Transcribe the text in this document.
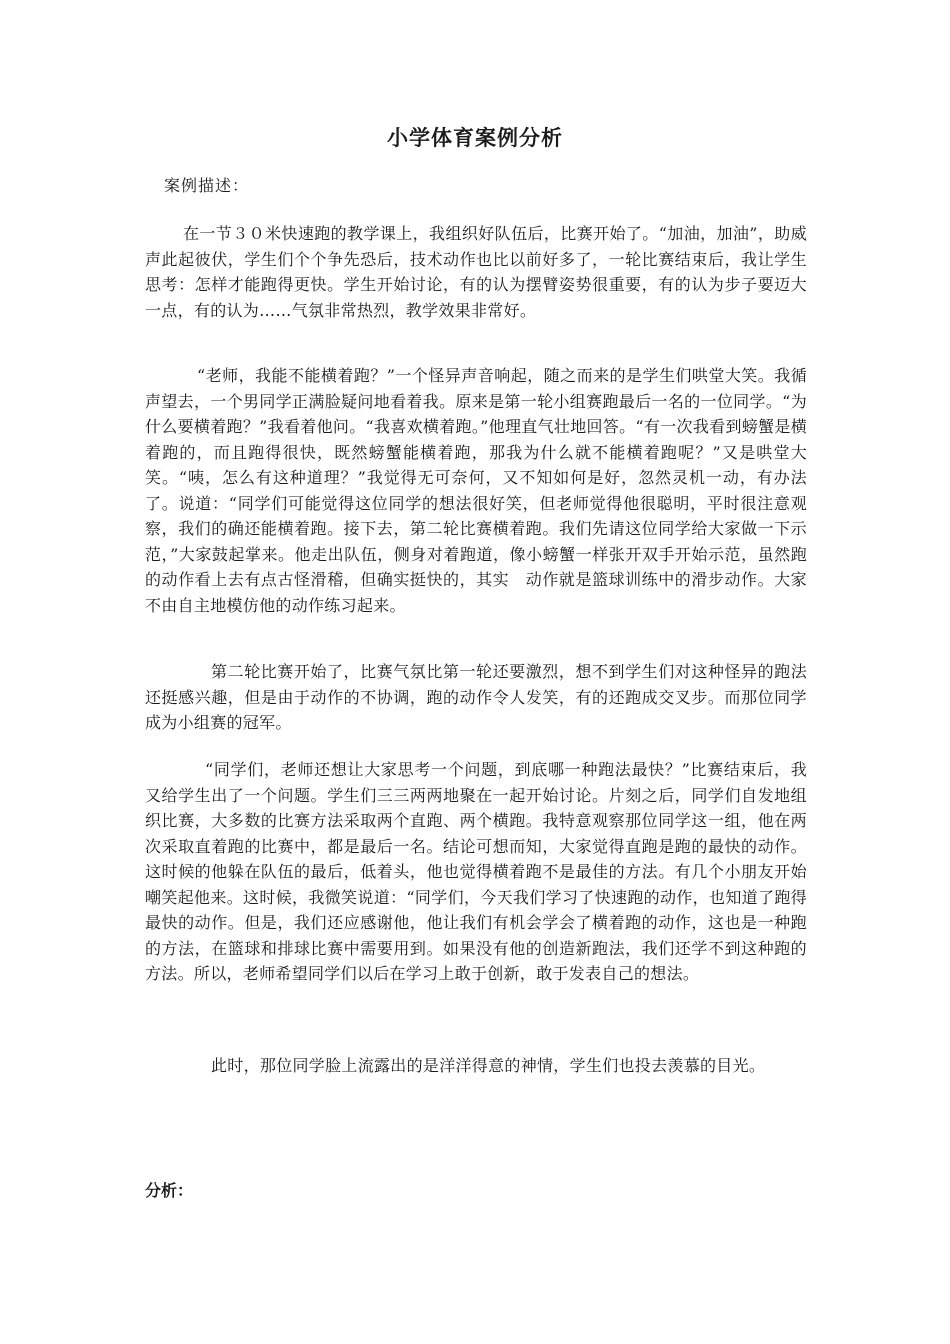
小学体育案例分析

案例描述：

在一节３０米快速跑的教学课上，我组织好队伍后，比赛开始了。“加油，加油”，助威声此起彼伏，学生们个个争先恐后，技术动作也比以前好多了，一轮比赛结束后，我让学生思考：怎样才能跑得更快。学生开始讨论，有的认为摆臂姿势很重要，有的认为步子要迈大一点，有的认为……气氛非常热烈，教学效果非常好。

“老师，我能不能横着跑？”一个怪异声音响起，随之而来的是学生们哄堂大笑。我循声望去，一个男同学正满脸疑问地看着我。原来是第一轮小组赛跑最后一名的一位同学。“为什么要横着跑？”我看着他问。“我喜欢横着跑。”他理直气壮地回答。“有一次我看到螃蟹是横着跑的，而且跑得很快，既然螃蟹能横着跑，那我为什么就不能横着跑呢？”又是哄堂大笑。“咦，怎么有这种道理？”我觉得无可奈何，又不知如何是好，忽然灵机一动，有办法了。说道：“同学们可能觉得这位同学的想法很好笑，但老师觉得他很聪明，平时很注意观察，我们的确还能横着跑。接下去，第二轮比赛横着跑。我们先请这位同学给大家做一下示范，”大家鼓起掌来。他走出队伍，侧身对着跑道，像小螃蟹一样张开双手开始示范，虽然跑的动作看上去有点古怪滑稽，但确实挺快的，其实　动作就是篮球训练中的滑步动作。大家不由自主地模仿他的动作练习起来。

第二轮比赛开始了，比赛气氛比第一轮还要激烈，想不到学生们对这种怪异的跑法还挺感兴趣，但是由于动作的不协调，跑的动作令人发笑，有的还跑成交叉步。而那位同学成为小组赛的冠军。

“同学们，老师还想让大家思考一个问题，到底哪一种跑法最快？”比赛结束后，我又给学生出了一个问题。学生们三三两两地聚在一起开始讨论。片刻之后，同学们自发地组织比赛，大多数的比赛方法采取两个直跑、两个横跑。我特意观察那位同学这一组，他在两次采取直着跑的比赛中，都是最后一名。结论可想而知，大家觉得直跑是跑的最快的动作。这时候的他躲在队伍的最后，低着头，他也觉得横着跑不是最佳的方法。有几个小朋友开始嘲笑起他来。这时候，我微笑说道：“同学们，今天我们学习了快速跑的动作，也知道了跑得最快的动作。但是，我们还应感谢他，他让我们有机会学会了横着跑的动作，这也是一种跑的方法，在篮球和排球比赛中需要用到。如果没有他的创造新跑法，我们还学不到这种跑的方法。所以，老师希望同学们以后在学习上敢于创新，敢于发表自己的想法。

此时，那位同学脸上流露出的是洋洋得意的神情，学生们也投去羡慕的目光。

分析：
